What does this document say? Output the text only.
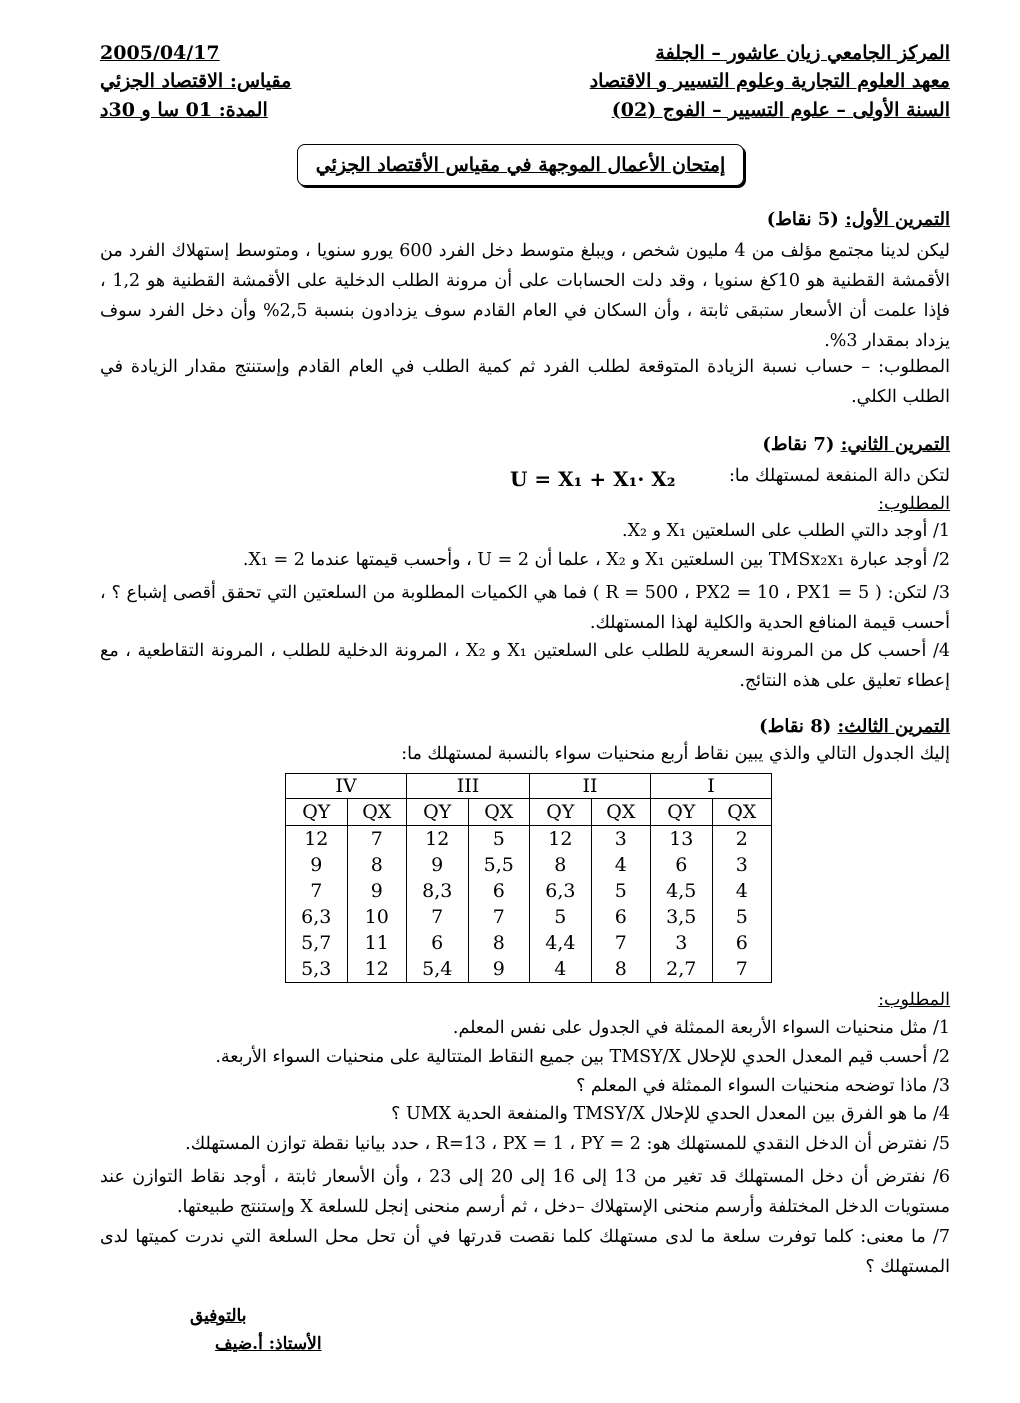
2005/04/17
مقياس: الاقتصاد الجزئي
المدة: 01 سا و 30د
المركز الجامعي زيان عاشور – الجلفة
معهد العلوم التجارية وعلوم التسيير و الاقتصاد
السنة الأولى – علوم التسيير – الفوج (02)
إمتحان الأعمال الموجهة في مقياس الأقتصاد الجزئي
التمرين الأول: (5 نقاط)
ليكن لدينا مجتمع مؤلف من 4 مليون شخص ، ويبلغ متوسط دخل الفرد 600 يورو سنويا ، ومتوسط إستهلاك الفرد من الأقمشة القطنية هو 10كغ سنويا ، وقد دلت الحسابات على أن مرونة الطلب الدخلية على الأقمشة القطنية هو 1,2 ، فإذا علمت أن الأسعار ستبقى ثابتة ، وأن السكان في العام القادم سوف يزدادون بنسبة 2,5% وأن دخل الفرد سوف يزداد بمقدار 3%.
المطلوب: – حساب نسبة الزيادة المتوقعة لطلب الفرد ثم كمية الطلب في العام القادم وإستنتج مقدار الزيادة في الطلب الكلي.
التمرين الثاني: (7 نقاط)
لتكن دالة المنفعة لمستهلك ما:
U = X₁ + X₁· X₂
المطلوب:
1/ أوجد دالتي الطلب على السلعتين X₁ و X₂.
2/ أوجد عبارة TMSx₂x₁ بين السلعتين X₁ و X₂ ، علما أن U = 2 ، وأحسب قيمتها عندما X₁ = 2.
3/ لتكن: ( R = 500 ، PX2 = 10 ، PX1 = 5 ) فما هي الكميات المطلوبة من السلعتين التي تحقق أقصى إشباع ؟ ، أحسب قيمة المنافع الحدية والكلية لهذا المستهلك.
4/ أحسب كل من المرونة السعرية للطلب على السلعتين X₁ و X₂ ، المرونة الدخلية للطلب ، المرونة التقاطعية ، مع إعطاء تعليق على هذه النتائج.
التمرين الثالث: (8 نقاط)
إليك الجدول التالي والذي يبين نقاط أربع منحنيات سواء بالنسبة لمستهلك ما:
IV		III		II		I	
QY	QX	QY	QX	QY	QX	QY	QX
12	7	12	5	12	3	13	2
9	8	9	5,5	8	4	6	3
7	9	8,3	6	6,3	5	4,5	4
6,3	10	7	7	5	6	3,5	5
5,7	11	6	8	4,4	7	3	6
5,3	12	5,4	9	4	8	2,7	7
المطلوب:
1/ مثل منحنيات السواء الأربعة الممثلة في الجدول على نفس المعلم.
2/ أحسب قيم المعدل الحدي للإحلال TMSY/X بين جميع النقاط المتتالية على منحنيات السواء الأربعة.
3/ ماذا توضحه منحنيات السواء الممثلة في المعلم ؟
4/ ما هو الفرق بين المعدل الحدي للإحلال TMSY/X والمنفعة الحدية UMX ؟
5/ نفترض أن الدخل النقدي للمستهلك هو: R=13 ، PX = 1 ، PY = 2 ، حدد بيانيا نقطة توازن المستهلك.
6/ نفترض أن دخل المستهلك قد تغير من 13 إلى 16 إلى 20 إلى 23 ، وأن الأسعار ثابتة ، أوجد نقاط التوازن عند مستويات الدخل المختلفة وأرسم منحنى الإستهلاك –دخل ، ثم أرسم منحنى إنجل للسلعة X وإستنتج طبيعتها.
7/ ما معنى: كلما توفرت سلعة ما لدى مستهلك كلما نقصت قدرتها في أن تحل محل السلعة التي ندرت كميتها لدى المستهلك ؟
بالتوفيق
الأستاذ: أ.ضيف
